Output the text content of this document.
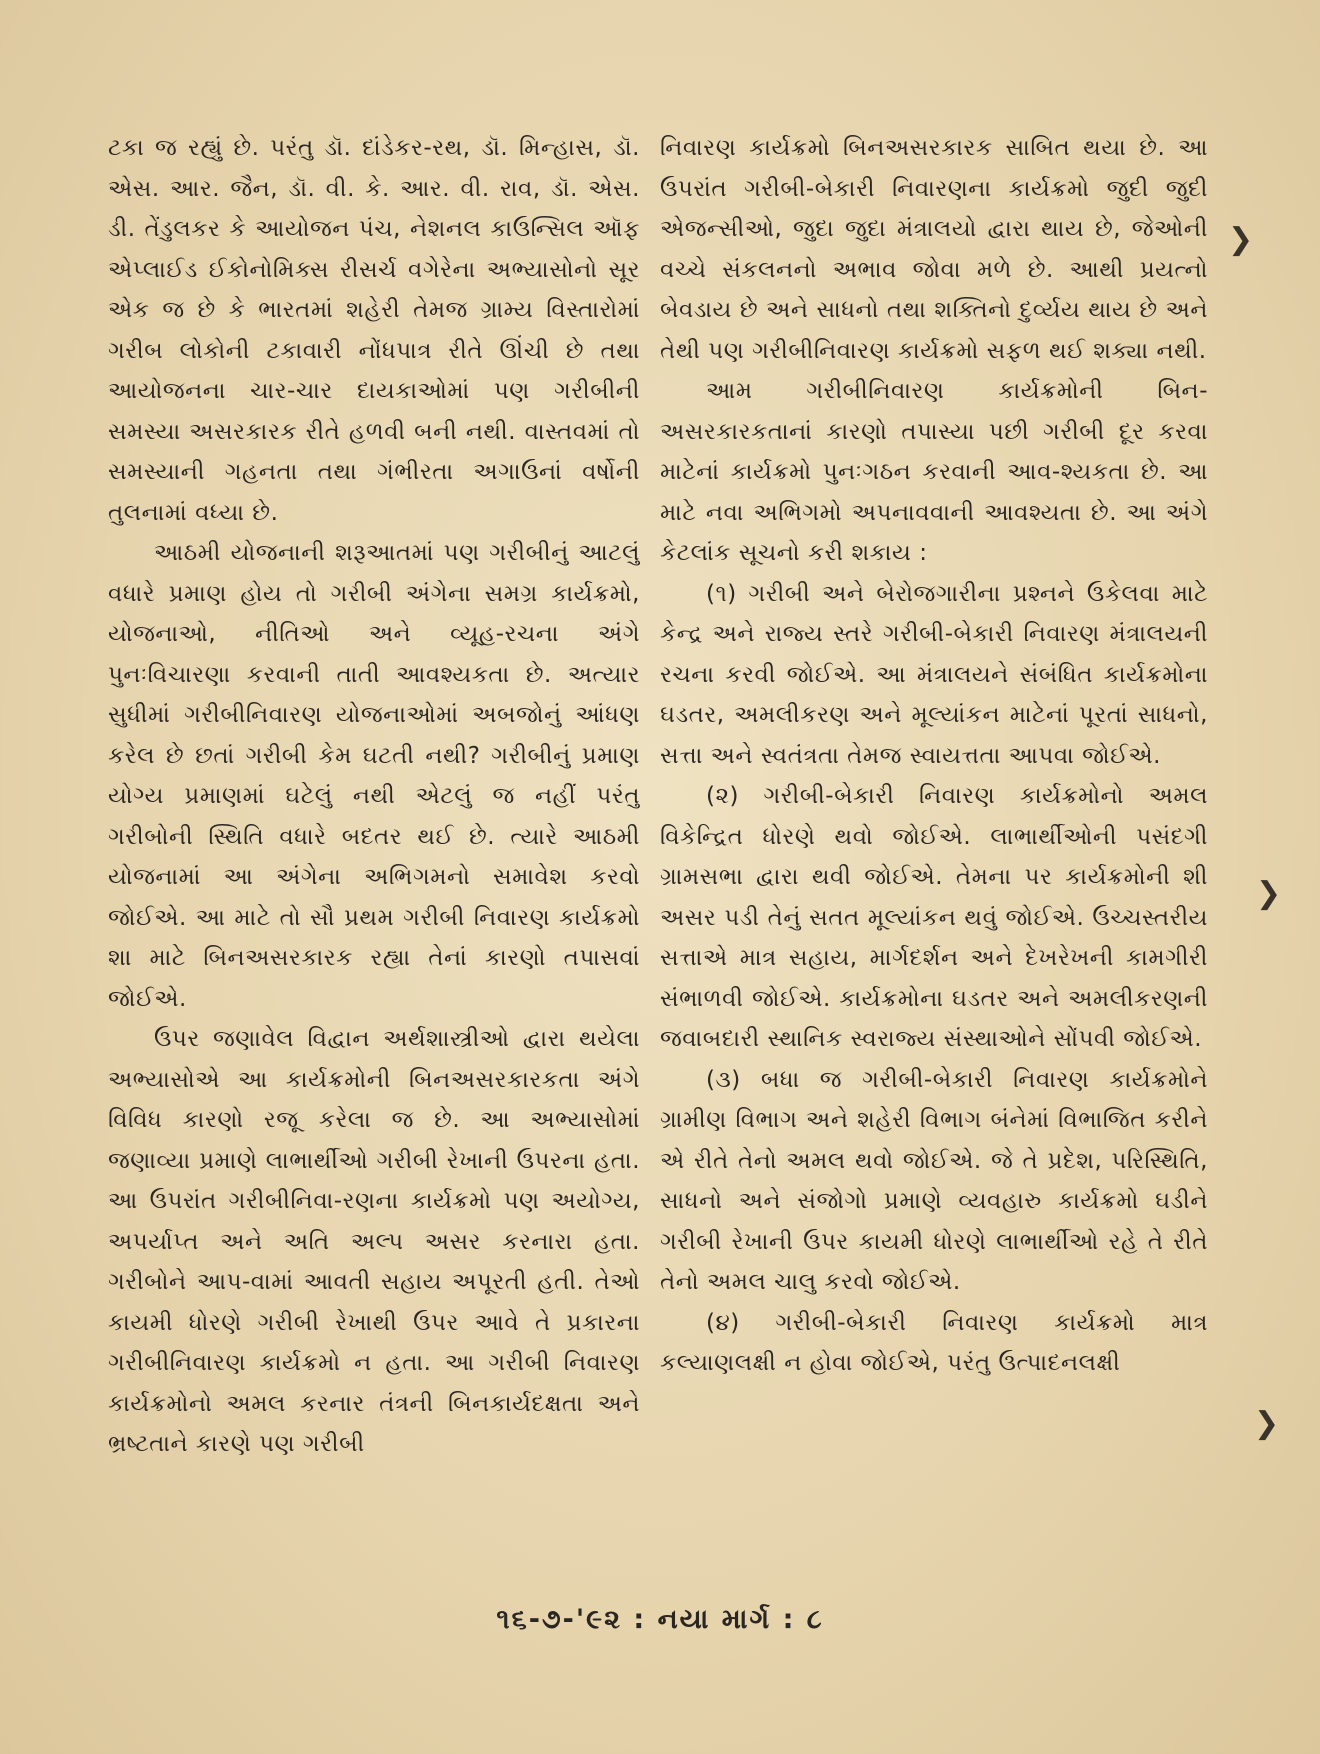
ટકા જ રહ્યું છે. પરંતુ ડૉ. દાંડેકર-રથ, ડૉ. મિન્હાસ, ડૉ. એસ. આર. જૈન, ડૉ. વી. કે. આર. વી. રાવ, ડૉ. એસ. ડી. તેંડુલકર કે આયોજન પંચ, નેશનલ કાઉન્સિલ ઑફ એપ્લાઈડ ઈકોનોમિક્સ રીસર્ચ વગેરેના અભ્યાસોનો સૂર એક જ છે કે ભારતમાં શહેરી તેમજ ગ્રામ્ય વિસ્તારોમાં ગરીબ લોકોની ટકાવારી નોંધપાત્ર રીતે ઊંચી છે તથા આયોજનના ચાર-ચાર દાયકાઓમાં પણ ગરીબીની સમસ્યા અસરકારક રીતે હળવી બની નથી. વાસ્તવમાં તો સમસ્યાની ગહનતા તથા ગંભીરતા અગાઉનાં વર્ષોની તુલનામાં વધ્યા છે.

આઠમી યોજનાની શરૂઆતમાં પણ ગરીબીનું આટલું વધારે પ્રમાણ હોય તો ગરીબી અંગેના સમગ્ર કાર્યક્રમો, યોજનાઓ, નીતિઓ અને વ્યૂહ-રચના અંગે પુનઃવિચારણા કરવાની તાતી આવશ્યકતા છે. અત્યાર સુધીમાં ગરીબીનિવારણ યોજનાઓમાં અબજોનું આંધણ કરેલ છે છતાં ગરીબી કેમ ઘટતી નથી? ગરીબીનું પ્રમાણ યોગ્ય પ્રમાણમાં ઘટેલું નથી એટલું જ નહીં પરંતુ ગરીબોની સ્થિતિ વધારે બદતર થઈ છે. ત્યારે આઠમી યોજનામાં આ અંગેના અભિગમનો સમાવેશ કરવો જોઈએ. આ માટે તો સૌ પ્રથમ ગરીબી નિવારણ કાર્યક્રમો શા માટે બિનઅસરકારક રહ્યા તેનાં કારણો તપાસવાં જોઈએ.

ઉપર જણાવેલ વિદ્વાન અર્થશાસ્ત્રીઓ દ્વારા થયેલા અભ્યાસોએ આ કાર્યક્રમોની બિનઅસરકારકતા અંગે વિવિધ કારણો રજૂ કરેલા જ છે. આ અભ્યાસોમાં જણાવ્યા પ્રમાણે લાભાર્થીઓ ગરીબી રેખાની ઉપરના હતા. આ ઉપરાંત ગરીબીનિવા-રણના કાર્યક્રમો પણ અયોગ્ય, અપર્યાપ્ત અને અતિ અલ્પ અસર કરનારા હતા. ગરીબોને આપ-વામાં આવતી સહાય અપૂરતી હતી. તેઓ કાયમી ધોરણે ગરીબી રેખાથી ઉપર આવે તે પ્રકારના ગરીબીનિવારણ કાર્યક્રમો ન હતા. આ ગરીબી નિવારણ કાર્યક્રમોનો અમલ કરનાર તંત્રની બિનકાર્યદક્ષતા અને ભ્રષ્ટતાને કારણે પણ ગરીબી

નિવારણ કાર્યક્રમો બિનઅસરકારક સાબિત થયા છે. આ ઉપરાંત ગરીબી-બેકારી નિવારણના કાર્યક્રમો જુદી જુદી એજન્સીઓ, જુદા જુદા મંત્રાલયો દ્વારા થાય છે, જેઓની વચ્ચે સંકલનનો અભાવ જોવા મળે છે. આથી પ્રયત્નો બેવડાય છે અને સાધનો તથા શક્તિનો દુર્વ્યય થાય છે અને તેથી પણ ગરીબીનિવારણ કાર્યક્રમો સફળ થઈ શક્યા નથી.

આમ ગરીબીનિવારણ કાર્યક્રમોની બિન-અસરકારકતાનાં કારણો તપાસ્યા પછી ગરીબી દૂર કરવા માટેનાં કાર્યક્રમો પુનઃગઠન કરવાની આવ-શ્યકતા છે. આ માટે નવા અભિગમો અપનાવવાની આવશ્યતા છે. આ અંગે કેટલાંક સૂચનો કરી શકાય :

(૧) ગરીબી અને બેરોજગારીના પ્રશ્નને ઉકેલવા માટે કેન્દ્ર અને રાજ્ય સ્તરે ગરીબી-બેકારી નિવારણ મંત્રાલયની રચના કરવી જોઈએ. આ મંત્રાલયને સંબંધિત કાર્યક્રમોના ઘડતર, અમલીકરણ અને મૂલ્યાંકન માટેનાં પૂરતાં સાધનો, સત્તા અને સ્વતંત્રતા તેમજ સ્વાયત્તતા આપવા જોઈએ.

(૨) ગરીબી-બેકારી નિવારણ કાર્યક્રમોનો અમલ વિકેન્દ્રિત ધોરણે થવો જોઈએ. લાભાર્થીઓની પસંદગી ગ્રામસભા દ્વારા થવી જોઈએ. તેમના પર કાર્યક્રમોની શી અસર પડી તેનું સતત મૂલ્યાંકન થવું જોઈએ. ઉચ્ચસ્તરીય સત્તાએ માત્ર સહાય, માર્ગદર્શન અને દેખરેખની કામગીરી સંભાળવી જોઈએ. કાર્યક્રમોના ઘડતર અને અમલીકરણની જવાબદારી સ્થાનિક સ્વરાજ્ય સંસ્થાઓને સોંપવી જોઈએ.

(૩) બધા જ ગરીબી-બેકારી નિવારણ કાર્યક્રમોને ગ્રામીણ વિભાગ અને શહેરી વિભાગ બંનેમાં વિભાજિત કરીને એ રીતે તેનો અમલ થવો જોઈએ. જે તે પ્રદેશ, પરિસ્થિતિ, સાધનો અને સંજોગો પ્રમાણે વ્યવહારુ કાર્યક્રમો ઘડીને ગરીબી રેખાની ઉપર કાયમી ધોરણે લાભાર્થીઓ રહે તે રીતે તેનો અમલ ચાલુ કરવો જોઈએ.

(૪) ગરીબી-બેકારી નિવારણ કાર્યક્રમો માત્ર કલ્યાણલક્ષી ન હોવા જોઈએ, પરંતુ ઉત્પાદનલક્ષી

❯
❯
❯
૧૬-૭-'૯૨ : નયા માર્ગ : ૮
